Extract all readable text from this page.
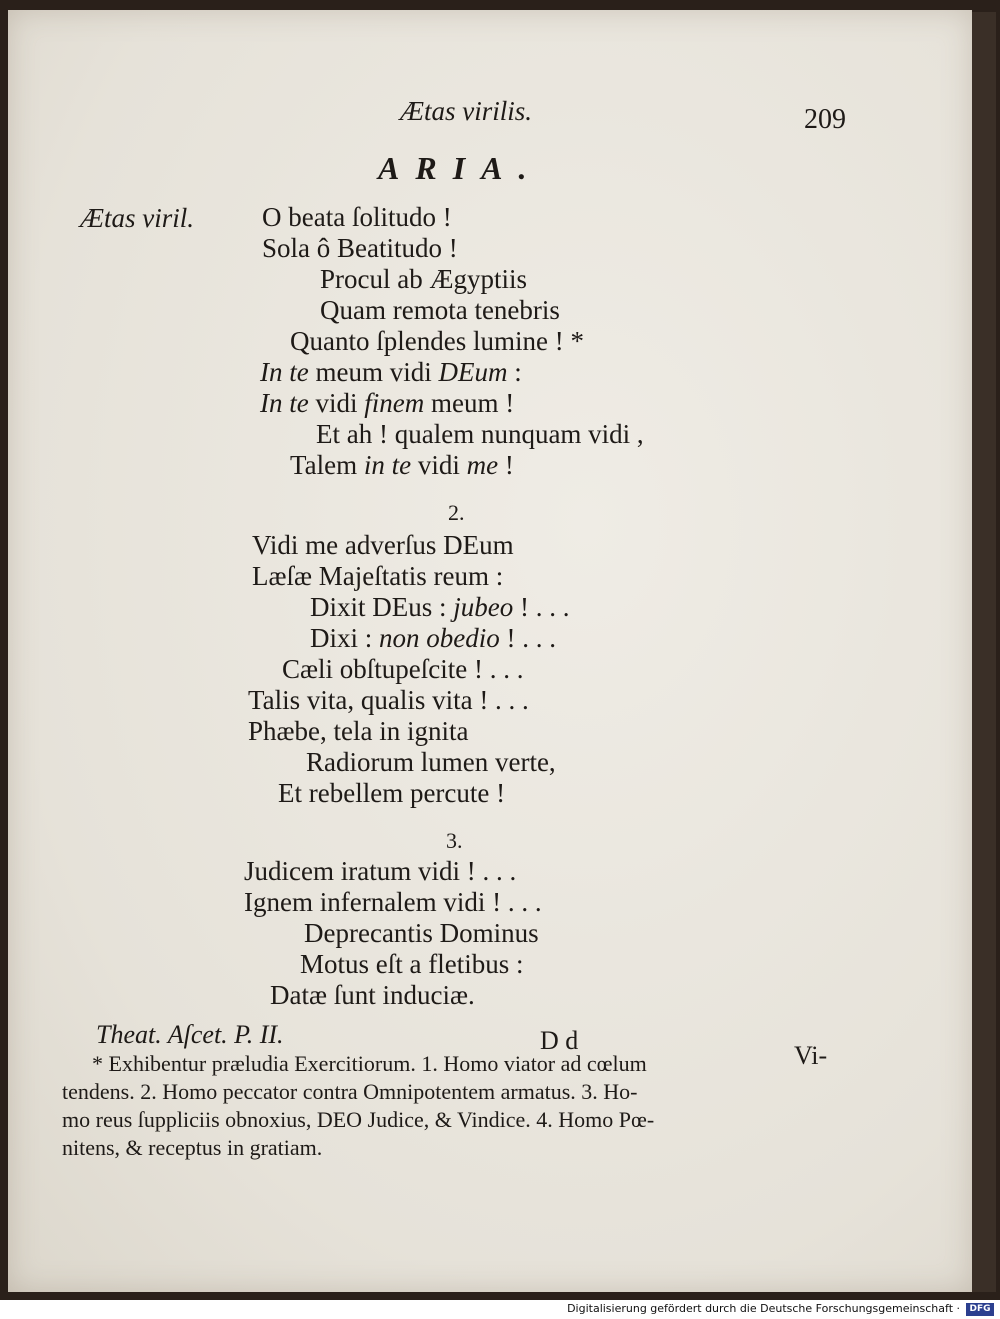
Ætas virilis.	209
ARIA.
Ætas viril.	O beata ſolitudo !
Sola ô Beatitudo !
Procul ab Ægyptiis
Quam remota tenebris
Quanto ſplendes lumine ! *
In te meum vidi DEum :
In te vidi finem meum !
Et ah ! qualem nunquam vidi ,
Talem in te vidi me !
2.
Vidi me adverſus DEum
Læſæ Majeſtatis reum :
Dixit DEus : jubeo ! . . .
Dixi : non obedio ! . . .
Cæli obſtupeſcite ! . . .
Talis vita, qualis vita ! . . .
Phæbe, tela in ignita
Radiorum lumen verte,
Et rebellem percute !
3.
Judicem iratum vidi ! . . .
Ignem infernalem vidi ! . . .
Deprecantis Dominus
Motus eſt a fletibus :
Datæ ſunt induciæ.
Theat. Aſcet. P. II.	D d
Vi-
* Exhibentur præludia Exercitiorum. 1. Homo viator ad cœlum
tendens. 2. Homo peccator contra Omnipotentem armatus. 3. Ho-
mo reus ſuppliciis obnoxius, DEO Judice, & Vindice. 4. Homo Pœ-
nitens, & receptus in gratiam.
Digitalisierung gefördert durch die Deutsche Forschungsgemeinschaft ·	DFG
